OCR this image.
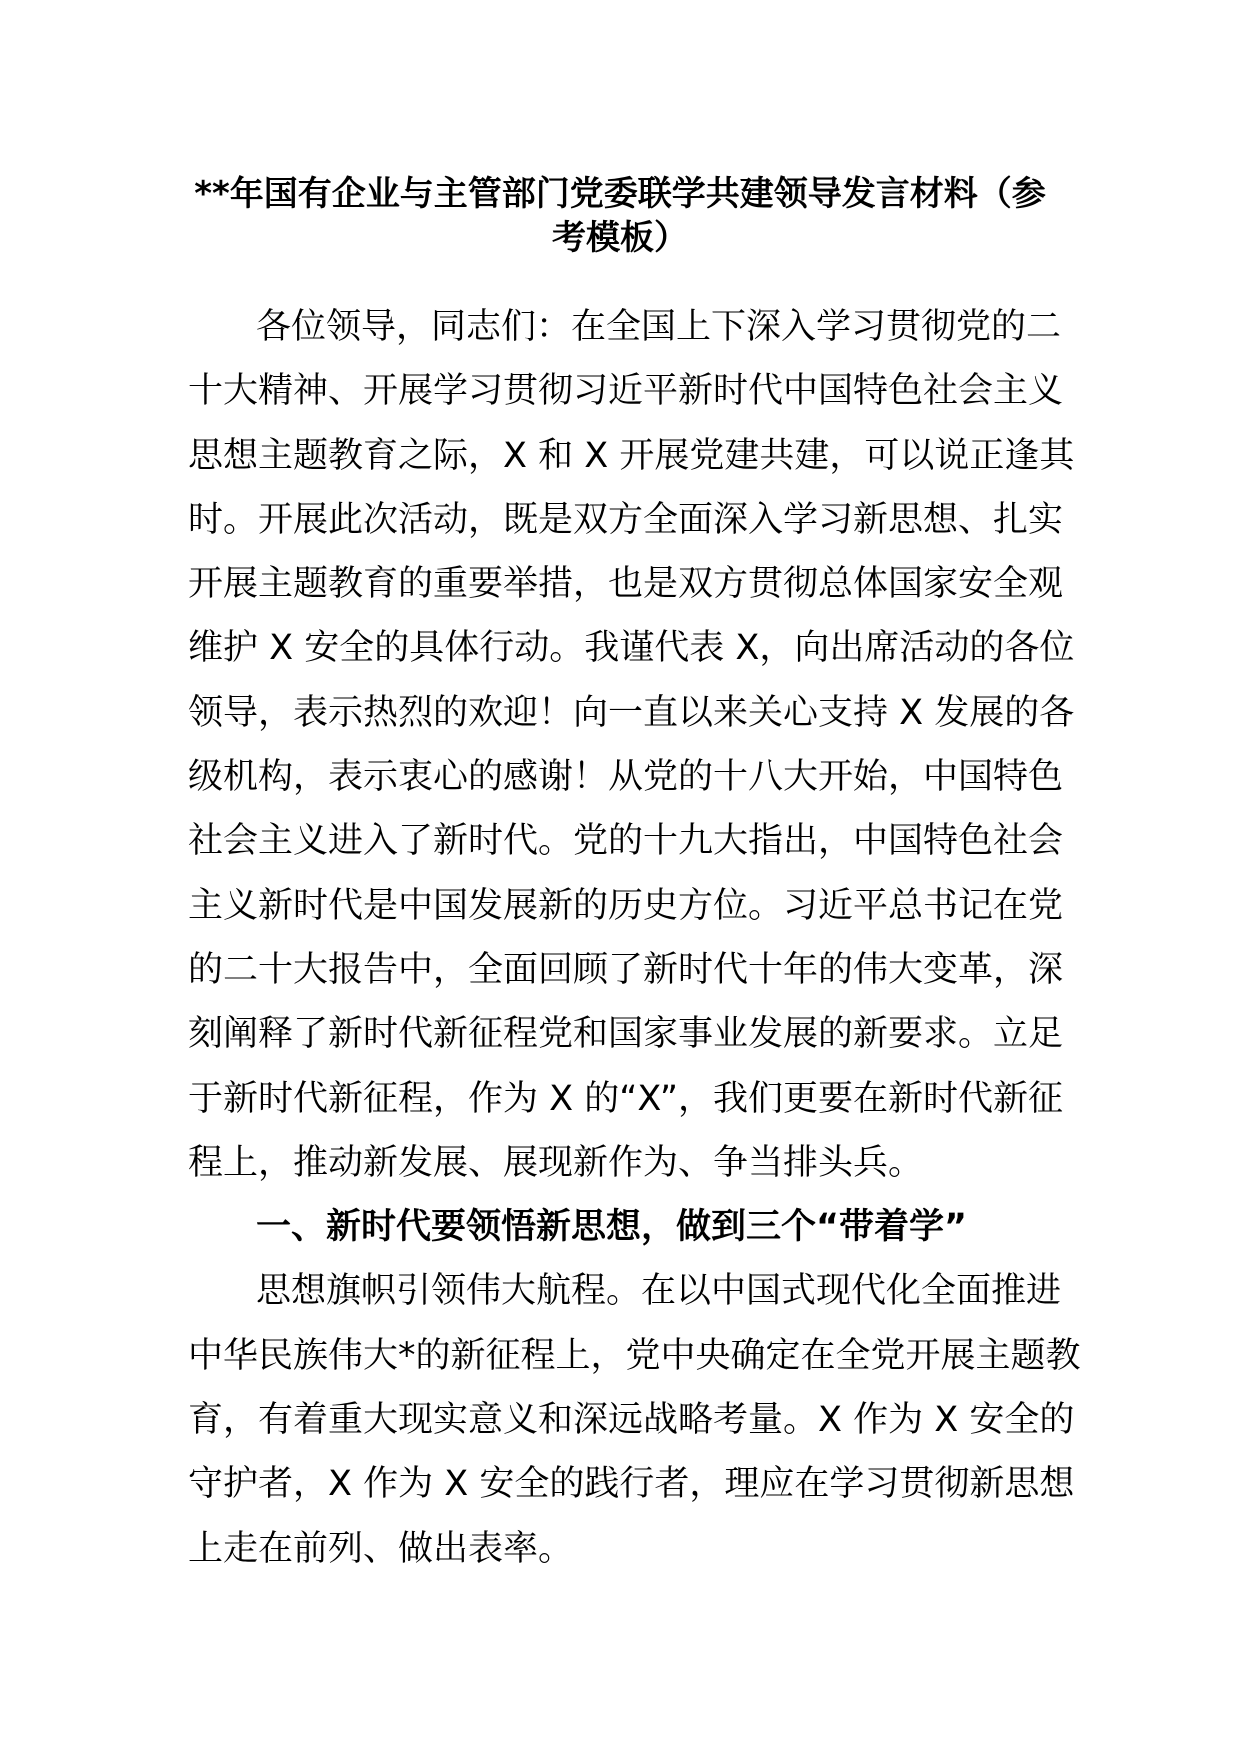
**年国有企业与主管部门党委联学共建领导发言材料（参
考模板）
各位领导，同志们：在全国上下深入学习贯彻党的二
十大精神、开展学习贯彻习近平新时代中国特色社会主义
思想主题教育之际，X 和 X 开展党建共建，可以说正逢其
时。开展此次活动，既是双方全面深入学习新思想、扎实
开展主题教育的重要举措，也是双方贯彻总体国家安全观
维护 X 安全的具体行动。我谨代表 X，向出席活动的各位
领导，表示热烈的欢迎！向一直以来关心支持 X 发展的各
级机构，表示衷心的感谢！从党的十八大开始，中国特色
社会主义进入了新时代。党的十九大指出，中国特色社会
主义新时代是中国发展新的历史方位。习近平总书记在党
的二十大报告中，全面回顾了新时代十年的伟大变革，深
刻阐释了新时代新征程党和国家事业发展的新要求。立足
于新时代新征程，作为 X 的“X”，我们更要在新时代新征
程上，推动新发展、展现新作为、争当排头兵。
一、新时代要领悟新思想，做到三个“带着学”
思想旗帜引领伟大航程。在以中国式现代化全面推进
中华民族伟大*的新征程上，党中央确定在全党开展主题教
育，有着重大现实意义和深远战略考量。X 作为 X 安全的
守护者，X 作为 X 安全的践行者，理应在学习贯彻新思想
上走在前列、做出表率。
